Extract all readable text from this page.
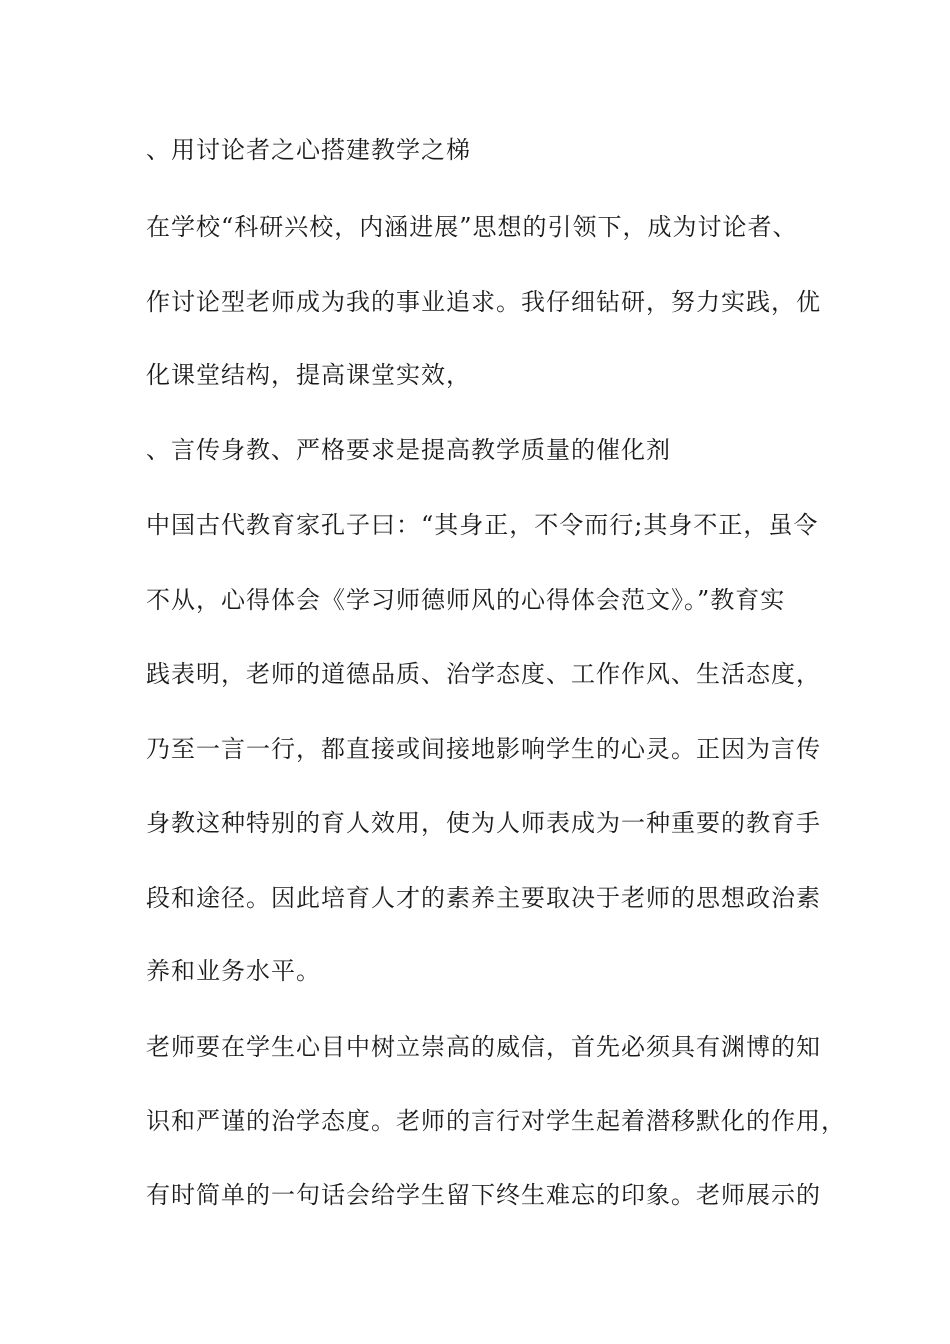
、用讨论者之心搭建教学之梯
在学校“科研兴校，内涵进展”思想的引领下，成为讨论者、
作讨论型老师成为我的事业追求。我仔细钻研，努力实践，优
化课堂结构，提高课堂实效，
、言传身教、严格要求是提高教学质量的催化剂
中国古代教育家孔子曰：“其身正，不令而行;其身不正，虽令
不从，心得体会《学习师德师风的心得体会范文》。”教育实
践表明，老师的道德品质、治学态度、工作作风、生活态度，
乃至一言一行，都直接或间接地影响学生的心灵。正因为言传
身教这种特别的育人效用，使为人师表成为一种重要的教育手
段和途径。因此培育人才的素养主要取决于老师的思想政治素
养和业务水平。
老师要在学生心目中树立崇高的威信，首先必须具有渊博的知
识和严谨的治学态度。老师的言行对学生起着潜移默化的作用，
有时简单的一句话会给学生留下终生难忘的印象。老师展示的
